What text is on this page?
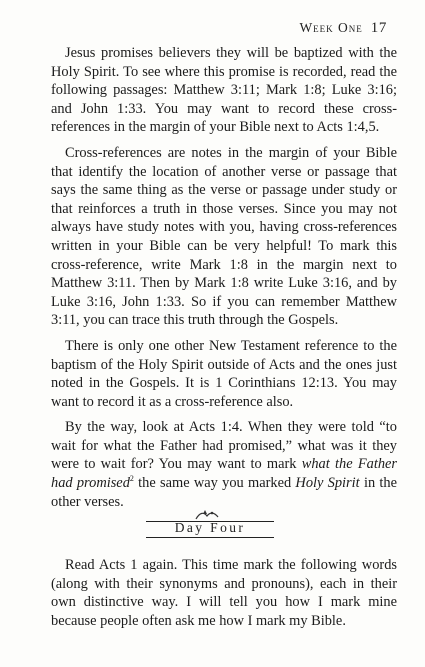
Week One 17

Jesus promises believers they will be baptized with the Holy Spirit. To see where this promise is recorded, read the following passages: Matthew 3:11; Mark 1:8; Luke 3:16; and John 1:33. You may want to record these cross-references in the margin of your Bible next to Acts 1:4,5.

Cross-references are notes in the margin of your Bible that identify the location of another verse or passage that says the same thing as the verse or passage under study or that reinforces a truth in those verses. Since you may not always have study notes with you, having cross-references written in your Bible can be very helpful! To mark this cross-reference, write Mark 1:8 in the margin next to Matthew 3:11. Then by Mark 1:8 write Luke 3:16, and by Luke 3:16, John 1:33. So if you can remember Matthew 3:11, you can trace this truth through the Gospels.

There is only one other New Testament reference to the baptism of the Holy Spirit outside of Acts and the ones just noted in the Gospels. It is 1 Corinthians 12:13. You may want to record it as a cross-reference also.

By the way, look at Acts 1:4. When they were told “to wait for what the Father had promised,” what was it they were to wait for? You may want to mark what the Father had promised$^2$ the same way you marked Holy Spirit in the other verses.

Day Four

Read Acts 1 again. This time mark the following words (along with their synonyms and pronouns), each in their own distinctive way. I will tell you how I mark mine because people often ask me how I mark my Bible.
